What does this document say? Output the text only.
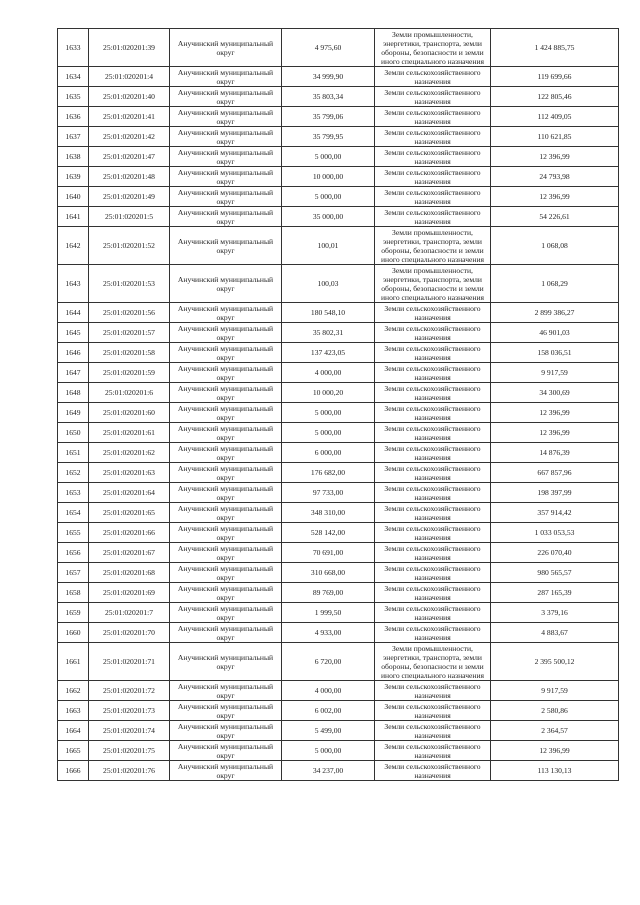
1633	25:01:020201:39	Анучинский муниципальный округ	4 975,60	Земли промышленности, энергетики, транспорта, земли обороны, безопасности и земли иного специального назначения	1 424 885,75
1634	25:01:020201:4	Анучинский муниципальный округ	34 999,90	Земли сельскохозяйственного назначения	119 699,66
1635	25:01:020201:40	Анучинский муниципальный округ	35 803,34	Земли сельскохозяйственного назначения	122 805,46
1636	25:01:020201:41	Анучинский муниципальный округ	35 799,06	Земли сельскохозяйственного назначения	112 409,05
1637	25:01:020201:42	Анучинский муниципальный округ	35 799,95	Земли сельскохозяйственного назначения	110 621,85
1638	25:01:020201:47	Анучинский муниципальный округ	5 000,00	Земли сельскохозяйственного назначения	12 396,99
1639	25:01:020201:48	Анучинский муниципальный округ	10 000,00	Земли сельскохозяйственного назначения	24 793,98
1640	25:01:020201:49	Анучинский муниципальный округ	5 000,00	Земли сельскохозяйственного назначения	12 396,99
1641	25:01:020201:5	Анучинский муниципальный округ	35 000,00	Земли сельскохозяйственного назначения	54 226,61
1642	25:01:020201:52	Анучинский муниципальный округ	100,01	Земли промышленности, энергетики, транспорта, земли обороны, безопасности и земли иного специального назначения	1 068,08
1643	25:01:020201:53	Анучинский муниципальный округ	100,03	Земли промышленности, энергетики, транспорта, земли обороны, безопасности и земли иного специального назначения	1 068,29
1644	25:01:020201:56	Анучинский муниципальный округ	180 548,10	Земли сельскохозяйственного назначения	2 899 386,27
1645	25:01:020201:57	Анучинский муниципальный округ	35 802,31	Земли сельскохозяйственного назначения	46 901,03
1646	25:01:020201:58	Анучинский муниципальный округ	137 423,05	Земли сельскохозяйственного назначения	158 036,51
1647	25:01:020201:59	Анучинский муниципальный округ	4 000,00	Земли сельскохозяйственного назначения	9 917,59
1648	25:01:020201:6	Анучинский муниципальный округ	10 000,20	Земли сельскохозяйственного назначения	34 300,69
1649	25:01:020201:60	Анучинский муниципальный округ	5 000,00	Земли сельскохозяйственного назначения	12 396,99
1650	25:01:020201:61	Анучинский муниципальный округ	5 000,00	Земли сельскохозяйственного назначения	12 396,99
1651	25:01:020201:62	Анучинский муниципальный округ	6 000,00	Земли сельскохозяйственного назначения	14 876,39
1652	25:01:020201:63	Анучинский муниципальный округ	176 682,00	Земли сельскохозяйственного назначения	667 857,96
1653	25:01:020201:64	Анучинский муниципальный округ	97 733,00	Земли сельскохозяйственного назначения	198 397,99
1654	25:01:020201:65	Анучинский муниципальный округ	348 310,00	Земли сельскохозяйственного назначения	357 914,42
1655	25:01:020201:66	Анучинский муниципальный округ	528 142,00	Земли сельскохозяйственного назначения	1 033 053,53
1656	25:01:020201:67	Анучинский муниципальный округ	70 691,00	Земли сельскохозяйственного назначения	226 070,40
1657	25:01:020201:68	Анучинский муниципальный округ	310 668,00	Земли сельскохозяйственного назначения	980 565,57
1658	25:01:020201:69	Анучинский муниципальный округ	89 769,00	Земли сельскохозяйственного назначения	287 165,39
1659	25:01:020201:7	Анучинский муниципальный округ	1 999,50	Земли сельскохозяйственного назначения	3 379,16
1660	25:01:020201:70	Анучинский муниципальный округ	4 933,00	Земли сельскохозяйственного назначения	4 883,67
1661	25:01:020201:71	Анучинский муниципальный округ	6 720,00	Земли промышленности, энергетики, транспорта, земли обороны, безопасности и земли иного специального назначения	2 395 500,12
1662	25:01:020201:72	Анучинский муниципальный округ	4 000,00	Земли сельскохозяйственного назначения	9 917,59
1663	25:01:020201:73	Анучинский муниципальный округ	6 002,00	Земли сельскохозяйственного назначения	2 580,86
1664	25:01:020201:74	Анучинский муниципальный округ	5 499,00	Земли сельскохозяйственного назначения	2 364,57
1665	25:01:020201:75	Анучинский муниципальный округ	5 000,00	Земли сельскохозяйственного назначения	12 396,99
1666	25:01:020201:76	Анучинский муниципальный округ	34 237,00	Земли сельскохозяйственного назначения	113 130,13
